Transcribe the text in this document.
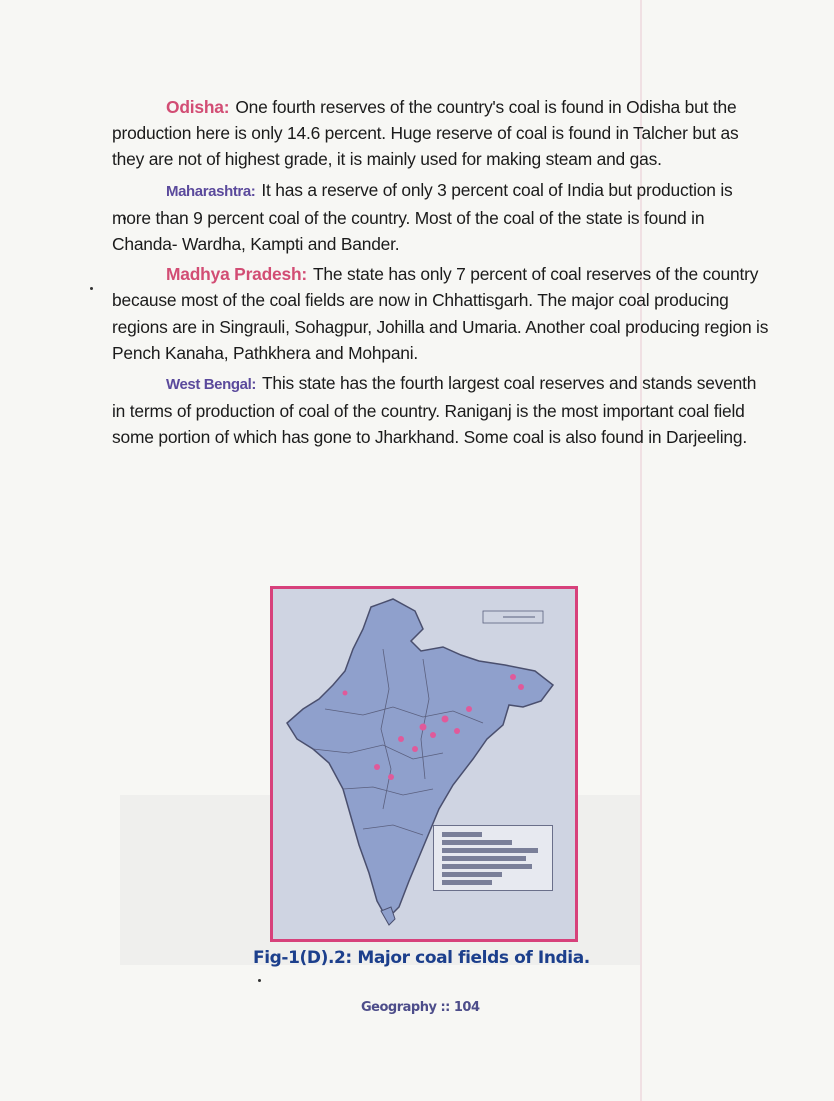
Odisha: One fourth reserves of the country's coal is found in Odisha but the production here is only 14.6 percent. Huge reserve of coal is found in Talcher but as they are not of highest grade, it is mainly used for making steam and gas.

Maharashtra: It has a reserve of only 3 percent coal of India but production is more than 9 percent coal of the country. Most of the coal of the state is found in Chanda- Wardha, Kampti and Bander.

Madhya Pradesh: The state has only 7 percent of coal reserves of the country because most of the coal fields are now in Chhattisgarh. The major coal producing regions are in Singrauli, Sohagpur, Johilla and Umaria. Another coal producing region is Pench Kanaha, Pathkhera and Mohpani.

West Bengal: This state has the fourth largest coal reserves and stands seventh in terms of production of coal of the country. Raniganj is the most important coal field some portion of which has gone to Jharkhand. Some coal is also found in Darjeeling.

Fig-1(D).2: Major coal fields of India.
Geography :: 104
